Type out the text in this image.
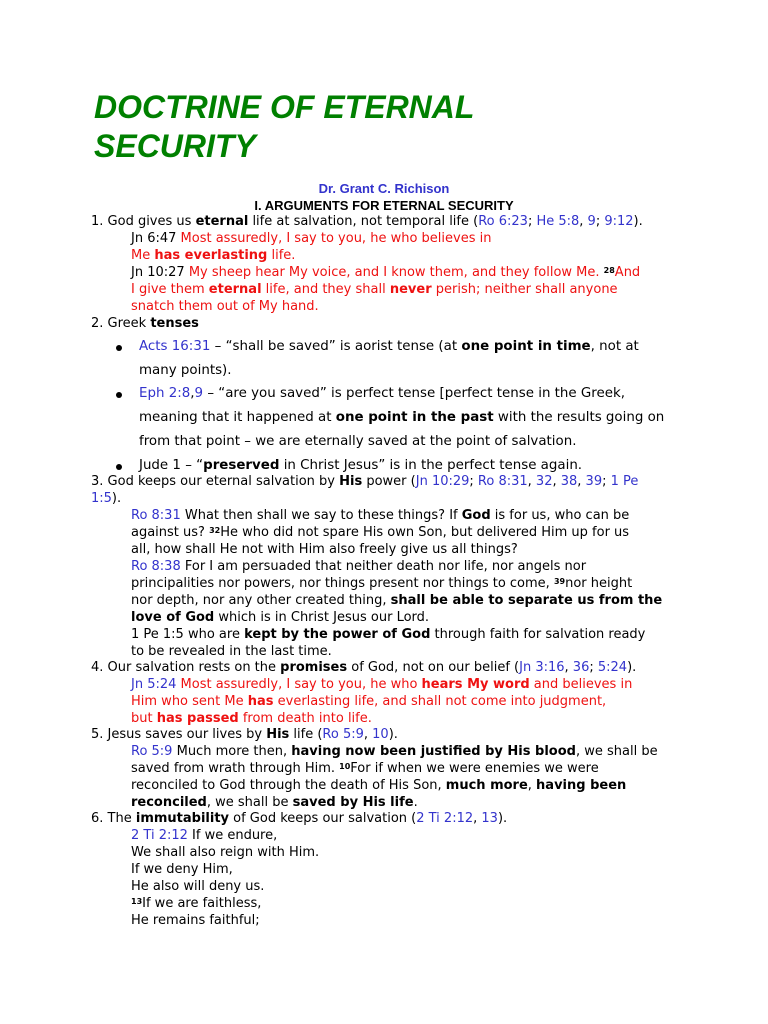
DOCTRINE OF ETERNAL
SECURITY
Dr. Grant C. Richison
I. ARGUMENTS FOR ETERNAL SECURITY
1. God gives us eternal life at salvation, not temporal life (Ro 6:23; He 5:8, 9; 9:12).
Jn 6:47 Most assuredly, I say to you, he who believes in
Me has everlasting life.
Jn 10:27 My sheep hear My voice, and I know them, and they follow Me. $^{28}$And
I give them eternal life, and they shall never perish; neither shall anyone
snatch them out of My hand.
2. Greek tenses
Acts 16:31 – “shall be saved” is aorist tense (at one point in time, not at
many points).
Eph 2:8,9 – “are you saved” is perfect tense [perfect tense in the Greek,
meaning that it happened at one point in the past with the results going on
from that point – we are eternally saved at the point of salvation.
Jude 1 – “preserved in Christ Jesus” is in the perfect tense again.
3. God keeps our eternal salvation by His power (Jn 10:29; Ro 8:31, 32, 38, 39; 1 Pe
1:5).
Ro 8:31 What then shall we say to these things? If God is for us, who can be
against us? $^{32}$He who did not spare His own Son, but delivered Him up for us
all, how shall He not with Him also freely give us all things?
Ro 8:38 For I am persuaded that neither death nor life, nor angels nor
principalities nor powers, nor things present nor things to come, $^{39}$nor height
nor depth, nor any other created thing, shall be able to separate us from the
love of God which is in Christ Jesus our Lord.
1 Pe 1:5 who are kept by the power of God through faith for salvation ready
to be revealed in the last time.
4. Our salvation rests on the promises of God, not on our belief (Jn 3:16, 36; 5:24).
Jn 5:24 Most assuredly, I say to you, he who hears My word and believes in
Him who sent Me has everlasting life, and shall not come into judgment,
but has passed from death into life.
5. Jesus saves our lives by His life (Ro 5:9, 10).
Ro 5:9 Much more then, having now been justified by His blood, we shall be
saved from wrath through Him. $^{10}$For if when we were enemies we were
reconciled to God through the death of His Son, much more, having been
reconciled, we shall be saved by His life.
6. The immutability of God keeps our salvation (2 Ti 2:12, 13).
2 Ti 2:12 If we endure,
We shall also reign with Him.
If we deny Him,
He also will deny us.
$^{13}$If we are faithless,
He remains faithful;
